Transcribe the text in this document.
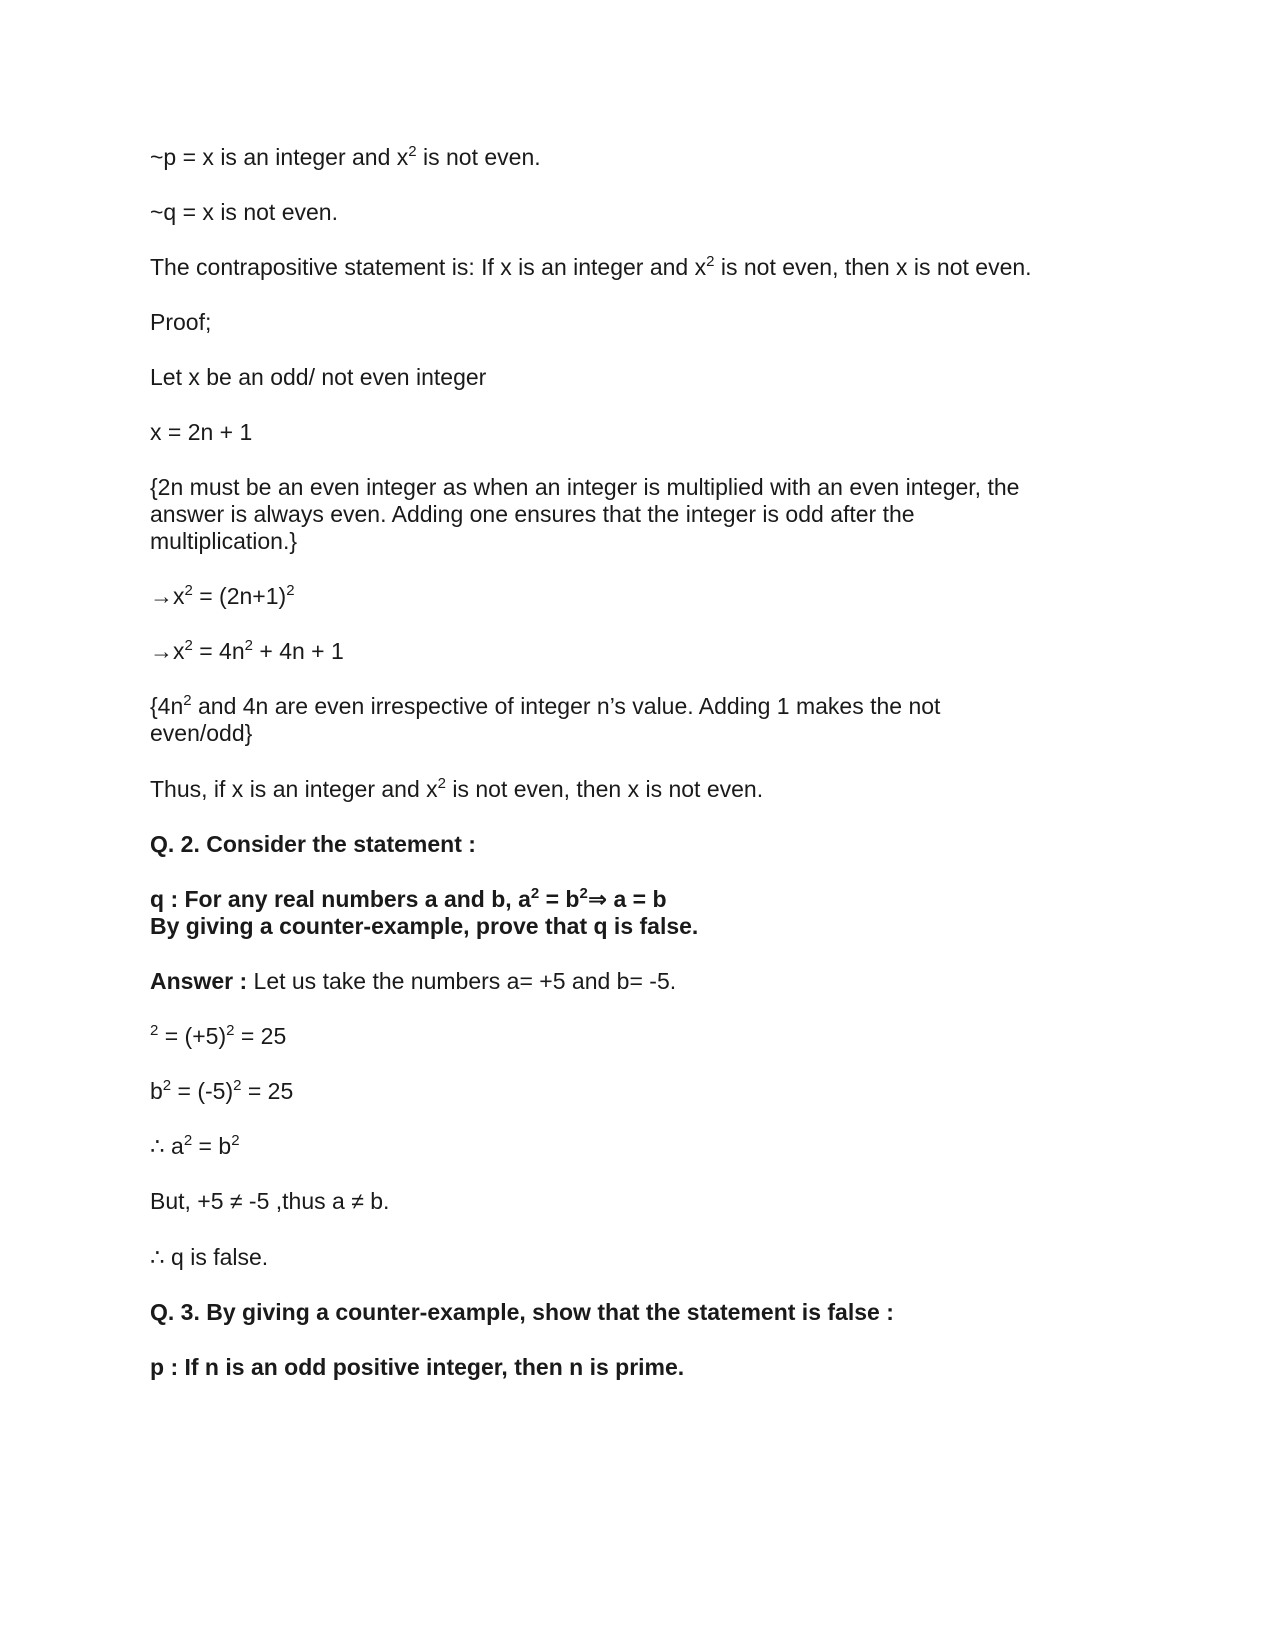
~p = x is an integer and $x^2$ is not even.

~q = x is not even.

The contrapositive statement is: If x is an integer and $x^2$ is not even, then x is not even.

Proof;

Let x be an odd/ not even integer

x = 2n + 1

{2n must be an even integer as when an integer is multiplied with an even integer, the

answer is always even. Adding one ensures that the integer is odd after the

multiplication.}

$\to x^2 = (2n+1)^2$

$\to x^2 = 4n^2 + 4n + 1$

{$4n^2$ and 4n are even irrespective of integer n’s value. Adding 1 makes the not

even/odd}

Thus, if x is an integer and $x^2$ is not even, then x is not even.

Q. 2. Consider the statement :

q : For any real numbers a and b, $a^2$ = $b^2\Rightarrow$ a = b

By giving a counter-example, prove that q is false.

Answer : Let us take the numbers a= +5 and b= -5.

$^2 = (+5)^2 = 25$

$b^2 = (-5)^2 = 25$

∴ $a^2 = b^2$

But, +5 ≠ -5 ,thus a ≠ b.

∴ q is false.

Q. 3. By giving a counter-example, show that the statement is false :

p : If n is an odd positive integer, then n is prime.
